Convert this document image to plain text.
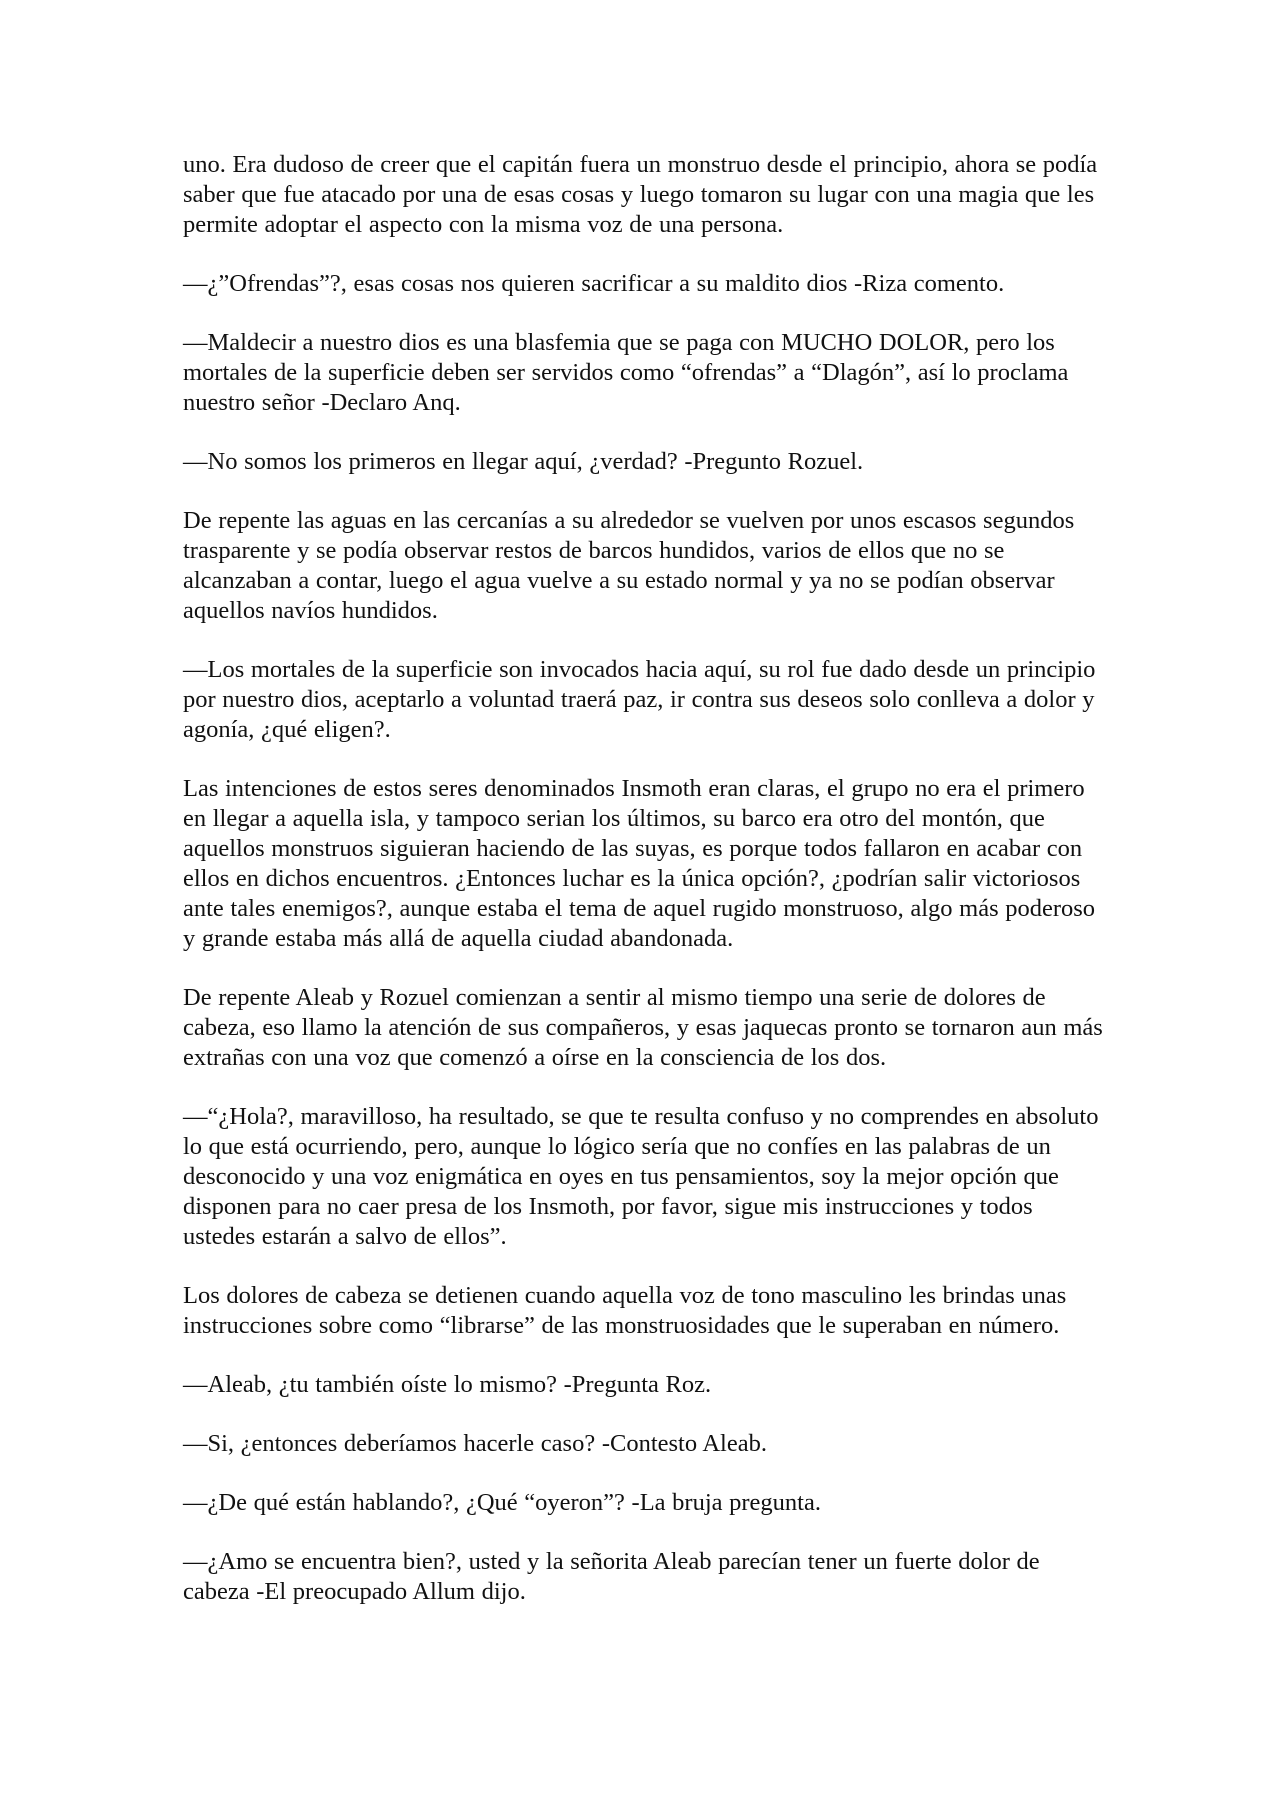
uno. Era dudoso de creer que el capitán fuera un monstruo desde el principio, ahora se podía saber que fue atacado por una de esas cosas y luego tomaron su lugar con una magia que les permite adoptar el aspecto con la misma voz de una persona.

—¿”Ofrendas”?, esas cosas nos quieren sacrificar a su maldito dios -Riza comento.

—Maldecir a nuestro dios es una blasfemia que se paga con MUCHO DOLOR, pero los mortales de la superficie deben ser servidos como “ofrendas” a “Dlagón”, así lo proclama nuestro señor -Declaro Anq.

—No somos los primeros en llegar aquí, ¿verdad? -Pregunto Rozuel.

De repente las aguas en las cercanías a su alrededor se vuelven por unos escasos segundos trasparente y se podía observar restos de barcos hundidos, varios de ellos que no se alcanzaban a contar, luego el agua vuelve a su estado normal y ya no se podían observar aquellos navíos hundidos.

—Los mortales de la superficie son invocados hacia aquí, su rol fue dado desde un principio por nuestro dios, aceptarlo a voluntad traerá paz, ir contra sus deseos solo conlleva a dolor y agonía, ¿qué eligen?.

Las intenciones de estos seres denominados Insmoth eran claras, el grupo no era el primero en llegar a aquella isla, y tampoco serian los últimos, su barco era otro del montón, que aquellos monstruos siguieran haciendo de las suyas, es porque todos fallaron en acabar con ellos en dichos encuentros. ¿Entonces luchar es la única opción?, ¿podrían salir victoriosos ante tales enemigos?, aunque estaba el tema de aquel rugido monstruoso, algo más poderoso y grande estaba más allá de aquella ciudad abandonada.

De repente Aleab y Rozuel comienzan a sentir al mismo tiempo una serie de dolores de cabeza, eso llamo la atención de sus compañeros, y esas jaquecas pronto se tornaron aun más extrañas con una voz que comenzó a oírse en la consciencia de los dos.

—“¿Hola?, maravilloso, ha resultado, se que te resulta confuso y no comprendes en absoluto lo que está ocurriendo, pero, aunque lo lógico sería que no confíes en las palabras de un desconocido y una voz enigmática en oyes en tus pensamientos, soy la mejor opción que disponen para no caer presa de los Insmoth, por favor, sigue mis instrucciones y todos ustedes estarán a salvo de ellos”.

Los dolores de cabeza se detienen cuando aquella voz de tono masculino les brindas unas instrucciones sobre como “librarse” de las monstruosidades que le superaban en número.

—Aleab, ¿tu también oíste lo mismo? -Pregunta Roz.

—Si, ¿entonces deberíamos hacerle caso? -Contesto Aleab.

—¿De qué están hablando?, ¿Qué “oyeron”? -La bruja pregunta.

—¿Amo se encuentra bien?, usted y la señorita Aleab parecían tener un fuerte dolor de cabeza -El preocupado Allum dijo.
